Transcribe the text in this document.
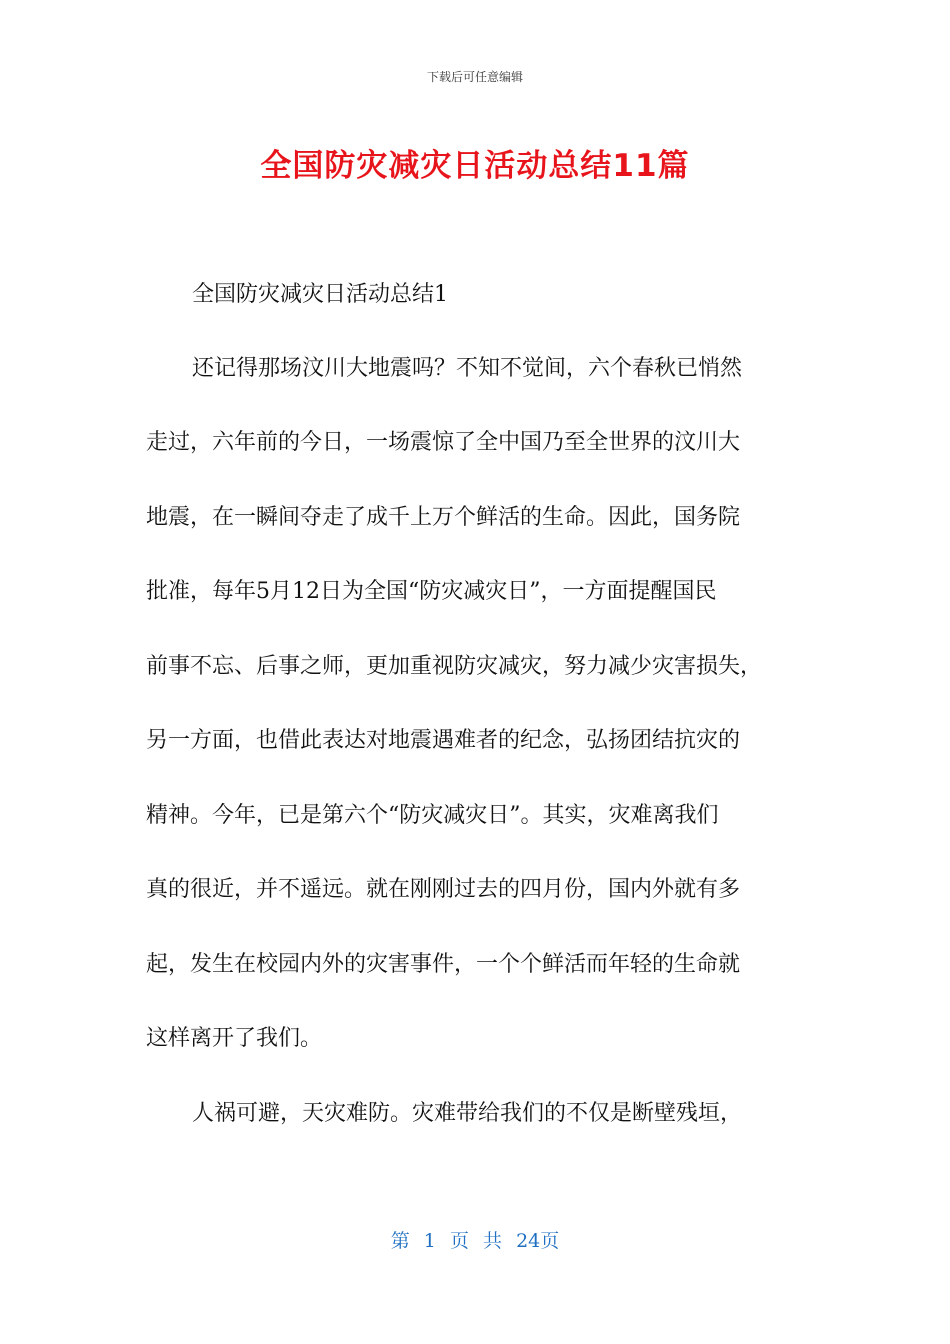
下载后可任意编辑
全国防灾减灾日活动总结11篇
全国防灾减灾日活动总结1
还记得那场汶川大地震吗？不知不觉间，六个春秋已悄然
走过，六年前的今日，一场震惊了全中国乃至全世界的汶川大
地震，在一瞬间夺走了成千上万个鲜活的生命。因此，国务院
批准，每年5月12日为全国“防灾减灾日”，一方面提醒国民
前事不忘、后事之师，更加重视防灾减灾，努力减少灾害损失，
另一方面，也借此表达对地震遇难者的纪念，弘扬团结抗灾的
精神。今年，已是第六个“防灾减灾日”。其实，灾难离我们
真的很近，并不遥远。就在刚刚过去的四月份，国内外就有多
起，发生在校园内外的灾害事件，一个个鲜活而年轻的生命就
这样离开了我们。
人祸可避，天灾难防。灾难带给我们的不仅是断壁残垣，
第 1 页 共 24页
